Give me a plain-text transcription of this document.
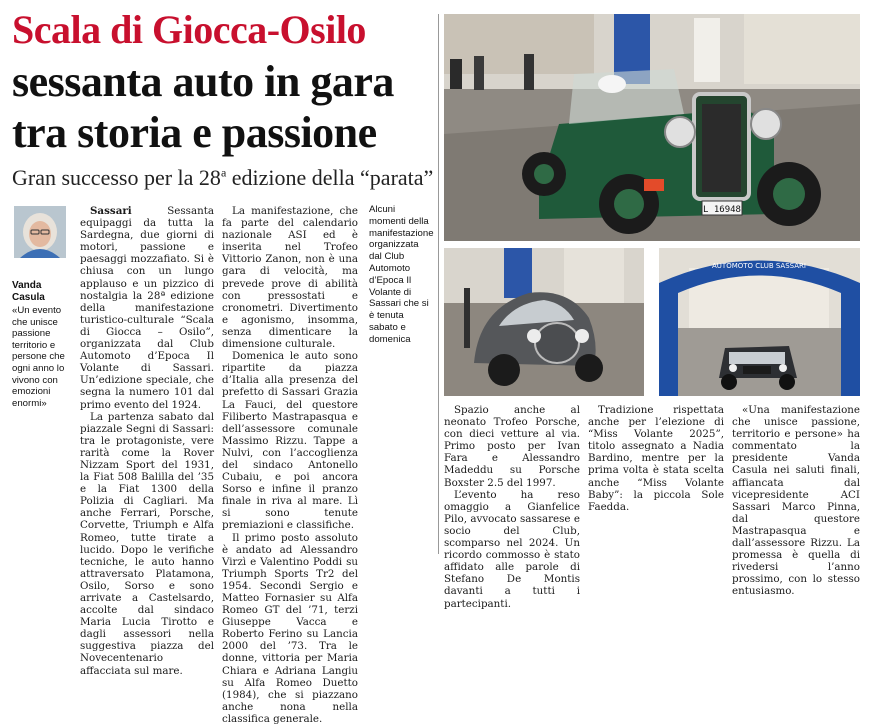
Scala di Giocca-Osilo
sessanta auto in gara
tra storia e passione
Gran successo per la 28$^a$ edizione della “parata”
Vanda
Casula
«Un evento che unisce passione territorio e persone che ogni anno lo vivono con emozioni enormi»

Sassari	Sessanta equipaggi da tutta la Sardegna, due giorni di motori, passione e paesaggi mozzafiato. Si è chiusa con un lungo applauso e un pizzico di nostalgia la 28ª edizione della manifestazione turistico-culturale “Scala di Giocca – Osilo”, organizzata dal Club Automoto d’Epoca Il Volante di Sassari. Un’edizione speciale, che segna la numero 101 dal primo evento del 1924.

La partenza sabato dal piazzale Segni di Sassari: tra le protagoniste, vere rarità come la Rover Nizzam Sport del 1931, la Fiat 508 Balilla del ’35 e la Fiat 1300 della Polizia di Cagliari. Ma anche Ferrari, Porsche, Corvette, Triumph e Alfa Romeo, tutte tirate a lucido. Dopo le verifiche tecniche, le auto hanno attraversato Platamona, Osilo, Sorso e sono arrivate a Castelsardo, accolte dal sindaco Maria Lucia Tirotto e dagli assessori nella suggestiva piazza del Novecentenario affacciata sul mare.

La manifestazione, che fa parte del calendario nazionale ASI ed è inserita nel Trofeo Vittorio Zanon, non è una gara di velocità, ma prevede prove di abilità con pressostati e cronometri. Divertimento e agonismo, insomma, senza dimenticare la dimensione culturale.

Domenica le auto sono ripartite da piazza d’Italia alla presenza del prefetto di Sassari Grazia La Fauci, del questore Filiberto Mastrapasqua e dell’assessore comunale Massimo Rizzu. Tappe a Nulvi, con l’accoglienza del sindaco Antonello Cubaiu, e poi ancora Sorso e infine il pranzo finale in riva al mare. Lì si sono tenute premiazioni e classifiche.

Il primo posto assoluto è andato ad Alessandro Virzì e Valentino Poddi su Triumph Sports Tr2 del 1954. Secondi Sergio e Matteo Fornasier su Alfa Romeo GT del ’71, terzi Giuseppe Vacca e Roberto Ferino su Lancia 2000 del ’73. Tra le donne, vittoria per Maria Chiara e Adriana Langiu su Alfa Romeo Duetto (1984), che si piazzano anche nona nella classifica generale.

Alcuni momenti della manifestazione organizzata dal Club Automoto d’Epoca Il Volante di Sassari che si è tenuta sabato e domenica
L 16948
AUTOMOTO CLUB SASSARI

Spazio anche al neonato Trofeo Porsche, con dieci vetture al via. Primo posto per Ivan Fara e Alessandro Madeddu su Porsche Boxster 2.5 del 1997.

L’evento ha reso omaggio a Gianfelice Pilo, avvocato sassarese e socio del Club, scomparso nel 2024. Un ricordo commosso è stato affidato alle parole di Stefano De Montis davanti a tutti i partecipanti.

Tradizione rispettata anche per l’elezione di “Miss Volante 2025”, titolo assegnato a Nadia Bardino, mentre per la prima volta è stata scelta anche “Miss Volante Baby”: la piccola Sole Faedda.

«Una manifestazione che unisce passione, territorio e persone» ha commentato la presidente Vanda Casula nei saluti finali, affiancata dal vicepresidente ACI Sassari Marco Pinna, dal questore Mastrapasqua e dall’assessore Rizzu. La promessa è quella di rivedersi l’anno prossimo, con lo stesso entusiasmo.
